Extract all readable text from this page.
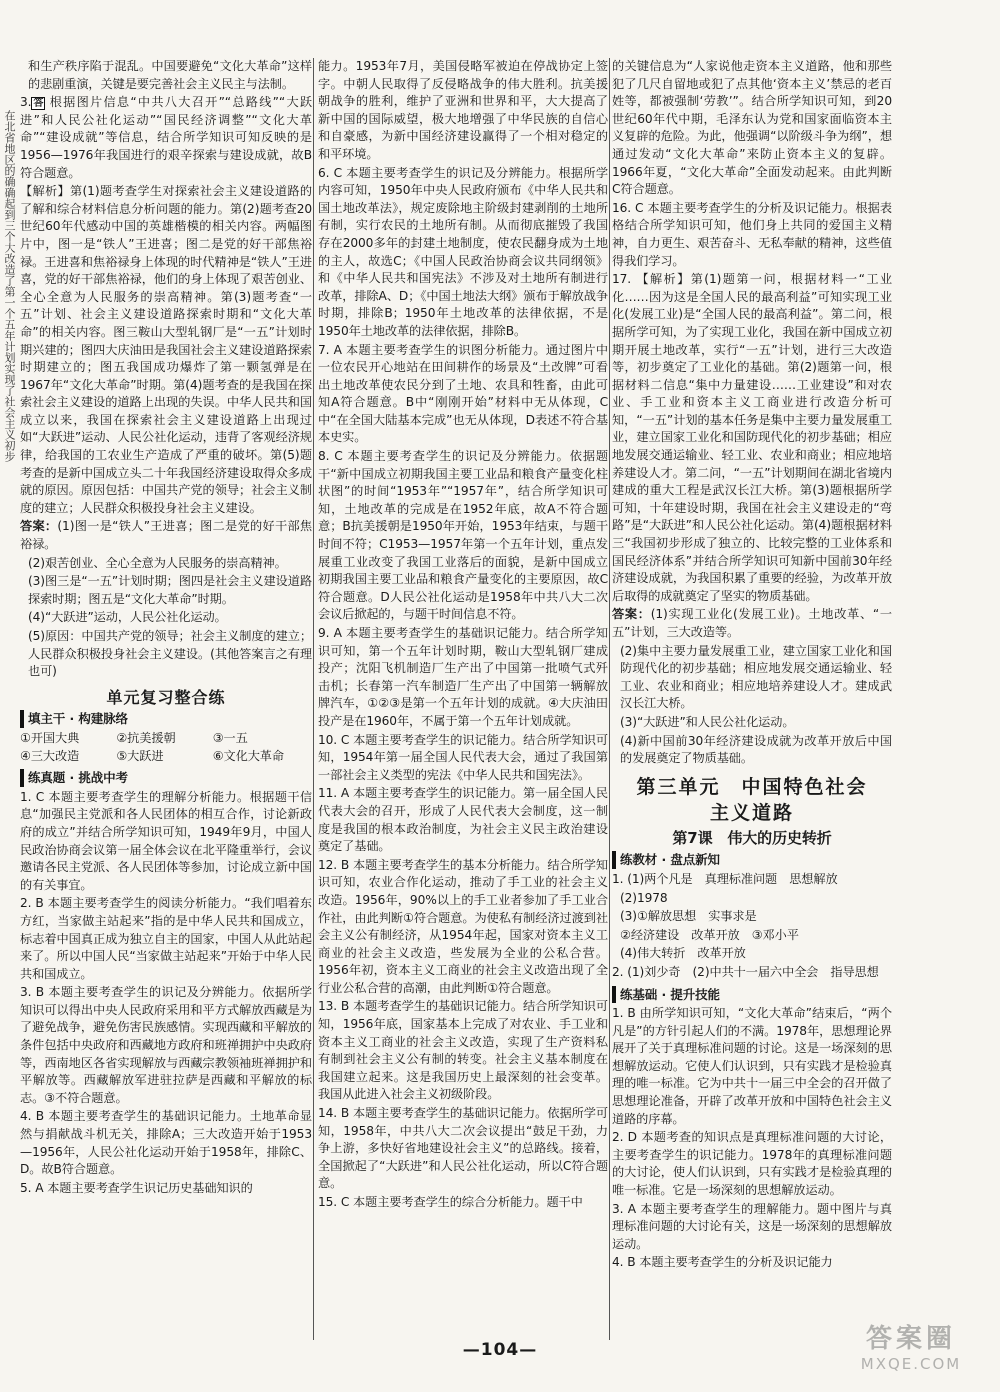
在北省地区的确确起到三个大改造了第一个五年计划实现了社会主义初步

和生产秩序陷于混乱。中国要避免“文化大革命”这样的悲剧重演，关键是要完善社会主义民主与法制。

3. 答 根据图片信息“中共八大召开”“总路线”“大跃进”和人民公社化运动”“国民经济调整”“文化大革命”“建设成就”等信息，结合所学知识可知反映的是1956—1976年我国进行的艰辛探索与建设成就，故B符合题意。

【解析】第(1)题考查学生对探索社会主义建设道路的了解和综合材料信息分析问题的能力。第(2)题考查20世纪60年代感动中国的英雄楷模的相关内容。两幅图片中，图一是“铁人”王进喜；图二是党的好干部焦裕禄。王进喜和焦裕禄身上体现的时代精神是“铁人”王进喜，党的好干部焦裕禄，他们的身上体现了艰苦创业、全心全意为人民服务的崇高精神。第(3)题考查“一五”计划、社会主义建设道路探索时期和“文化大革命”的相关内容。图三鞍山大型轧钢厂是“一五”计划时期兴建的；图四大庆油田是我国社会主义建设道路探索时期建立的；图五我国成功爆炸了第一颗氢弹是在1967年“文化大革命”时期。第(4)题考查的是我国在探索社会主义建设的道路上出现的失误。中华人民共和国成立以来，我国在探索社会主义建设道路上出现过如“大跃进”运动、人民公社化运动，违背了客观经济规律，给我国的工农业生产造成了严重的破坏。第(5)题考查的是新中国成立头二十年我国经济建设取得众多成就的原因。原因包括：中国共产党的领导；社会主义制度的建立；人民群众积极投身社会主义建设。

答案：(1)图一是“铁人”王进喜；图二是党的好干部焦裕禄。

(2)艰苦创业、全心全意为人民服务的崇高精神。

(3)图三是“一五”计划时期；图四是社会主义建设道路探索时期；图五是“文化大革命”时期。

(4)“大跃进”运动，人民公社化运动。

(5)原因：中国共产党的领导；社会主义制度的建立；人民群众积极投身社会主义建设。(其他答案言之有理也可)

单元复习整合练
填主干 · 构建脉络
①开国大典	②抗美援朝	③一五
④三大改造	⑤大跃进	⑥文化大革命
练真题 · 挑战中考

1. C 本题主要考查学生的理解分析能力。根据题干信息“加强民主党派和各人民团体的相互合作，讨论新政府的成立”并结合所学知识可知，1949年9月，中国人民政治协商会议第一届全体会议在北平隆重举行，会议邀请各民主党派、各人民团体等参加，讨论成立新中国的有关事宜。

2. B 本题主要考查学生的阅读分析能力。“我们唱着东方红，当家做主站起来”指的是中华人民共和国成立，标志着中国真正成为独立自主的国家，中国人从此站起来了。所以中国人民“当家做主站起来”开始于中华人民共和国成立。

3. B 本题主要考查学生的识记及分辨能力。依据所学知识可以得出中央人民政府采用和平方式解放西藏是为了避免战争，避免伤害民族感情。实现西藏和平解放的条件包括中央政府和西藏地方政府和班禅拥护中央政府等，西南地区各省实现解放与西藏宗教领袖班禅拥护和平解放等。西藏解放军进驻拉萨是西藏和平解放的标志。③不符合题意。

4. B 本题主要考查学生的基础识记能力。土地革命显然与捐献战斗机无关，排除A；三大改造开始于1953—1956年，人民公社化运动开始于1958年，排除C、D。故B符合题意。

5. A 本题主要考查学生识记历史基础知识的

能力。1953年7月，美国侵略军被迫在停战协定上签字。中朝人民取得了反侵略战争的伟大胜利。抗美援朝战争的胜利，维护了亚洲和世界和平，大大提高了新中国的国际威望，极大地增强了中华民族的自信心和自豪感，为新中国经济建设赢得了一个相对稳定的和平环境。

6. C 本题主要考查学生的识记及分辨能力。根据所学内容可知，1950年中央人民政府颁布《中华人民共和国土地改革法》，规定废除地主阶级封建剥削的土地所有制，实行农民的土地所有制。从而彻底摧毁了我国存在2000多年的封建土地制度，使农民翻身成为土地的主人，故选C；《中国人民政治协商会议共同纲领》和《中华人民共和国宪法》不涉及对土地所有制进行改革，排除A、D；《中国土地法大纲》颁布于解放战争时期，排除B；1950年土地改革的法律依据，不是1950年土地改革的法律依据，排除B。

7. A 本题主要考查学生的识图分析能力。通过图片中一位农民开心地站在田间耕作的场景及“土改牌”可看出土地改革使农民分到了土地、农具和牲畜，由此可知A符合题意。B中“刚刚开始”材料中无从体现，C中“在全国大陆基本完成”也无从体现，D表述不符合基本史实。

8. C 本题主要考查学生的识记及分辨能力。依据题干“新中国成立初期我国主要工业品和粮食产量变化柱状图”的时间“1953年”“1957年”，结合所学知识可知，土地改革的完成是在1952年底，故A不符合题意；B抗美援朝是1950年开始，1953年结束，与题干时间不符；C1953—1957年第一个五年计划，重点发展重工业改变了我国工业落后的面貌，是新中国成立初期我国主要工业品和粮食产量变化的主要原因，故C符合题意。D人民公社化运动是1958年中共八大二次会议后掀起的，与题干时间信息不符。

9. A 本题主要考查学生的基础识记能力。结合所学知识可知，第一个五年计划时期，鞍山大型轧钢厂建成投产；沈阳飞机制造厂生产出了中国第一批喷气式歼击机；长春第一汽车制造厂生产出了中国第一辆解放牌汽车，①②③是第一个五年计划的成就。④大庆油田投产是在1960年，不属于第一个五年计划成就。

10. C 本题主要考查学生的识记能力。结合所学知识可知，1954年第一届全国人民代表大会，通过了我国第一部社会主义类型的宪法《中华人民共和国宪法》。

11. A 本题主要考查学生的识记能力。第一届全国人民代表大会的召开，形成了人民代表大会制度，这一制度是我国的根本政治制度，为社会主义民主政治建设奠定了基础。

12. B 本题主要考查学生的基本分析能力。结合所学知识可知，农业合作化运动，推动了手工业的社会主义改造。1956年，90%以上的手工业者参加了手工业合作社，由此判断①符合题意。为使私有制经济过渡到社会主义公有制经济，从1954年起，国家对资本主义工商业的社会主义改造，些发展为全业的公私合营。1956年初，资本主义工商业的社会主义改造出现了全行业公私合营的高潮，由此判断①符合题意。

13. B 本题考查学生的基础识记能力。结合所学知识可知，1956年底，国家基本上完成了对农业、手工业和资本主义工商业的社会主义改造，实现了生产资料私有制到社会主义公有制的转变。社会主义基本制度在我国建立起来。这是我国历史上最深刻的社会变革。我国从此进入社会主义初级阶段。

14. B 本题主要考查学生的基础识记能力。依据所学可知，1958年，中共八大二次会议提出“鼓足干劲，力争上游，多快好省地建设社会主义”的总路线。接着，全国掀起了“大跃进”和人民公社化运动，所以C符合题意。

15. C 本题主要考查学生的综合分析能力。题干中

的关键信息为“人家说他走资本主义道路，他和那些犯了几尺自留地或犯了点其他‘资本主义’禁忌的老百姓等，都被强制‘劳教’”。结合所学知识可知，到20世纪60年代中期，毛泽东认为党和国家面临资本主义复辟的危险。为此，他强调“以阶级斗争为纲”，想通过发动“文化大革命”来防止资本主义的复辟。1966年夏，“文化大革命”全面发动起来。由此判断C符合题意。

16. C 本题主要考查学生的分析及识记能力。根据表格结合所学知识可知，他们身上共同的爱国主义精神，自力更生、艰苦奋斗、无私奉献的精神，这些值得我们学习。

17. 【解析】第(1)题第一问，根据材料一“工业化……因为这是全国人民的最高利益”可知实现工业化(发展工业)是“全国人民的最高利益”。第二问，根据所学可知，为了实现工业化，我国在新中国成立初期开展土地改革，实行“一五”计划，进行三大改造等，初步奠定了工业化的基础。第(2)题第一问，根据材料二信息“集中力量建设……工业建设”和对农业、手工业和资本主义工商业进行改造分析可知，“一五”计划的基本任务是集中主要力量发展重工业，建立国家工业化和国防现代化的初步基础；相应地发展交通运输业、轻工业、农业和商业；相应地培养建设人才。第二问，“一五”计划期间在湖北省境内建成的重大工程是武汉长江大桥。第(3)题根据所学可知，十年建设时期，我国在社会主义建设走的“弯路”是“大跃进”和人民公社化运动。第(4)题根据材料三“我国初步形成了独立的、比较完整的工业体系和国民经济体系”并结合所学知识可知新中国前30年经济建设成就，为我国积累了重要的经验，为改革开放后取得的成就奠定了坚实的物质基础。

答案：(1)实现工业化(发展工业)。土地改革、“一五”计划，三大改造等。

(2)集中主要力量发展重工业，建立国家工业化和国防现代化的初步基础；相应地发展交通运输业、轻工业、农业和商业；相应地培养建设人才。建成武汉长江大桥。

(3)“大跃进”和人民公社化运动。

(4)新中国前30年经济建设成就为改革开放后中国的发展奠定了物质基础。

第三单元　中国特色社会
主义道路
第7课　伟大的历史转折
练教材 · 盘点新知

1. (1)两个凡是　真理标准问题　思想解放

(2)1978

(3)①解放思想　实事求是

②经济建设　改革开放　③邓小平

(4)伟大转折　改革开放

2. (1)刘少奇　(2)中共十一届六中全会　指导思想

练基础 · 提升技能

1. B 由所学知识可知，“文化大革命”结束后，“两个凡是”的方针引起人们的不满。1978年，思想理论界展开了关于真理标准问题的讨论。这是一场深刻的思想解放运动。它使人们认识到，只有实践才是检验真理的唯一标准。它为中共十一届三中全会的召开做了思想理论准备，开辟了改革开放和中国特色社会主义道路的序幕。

2. D 本题考查的知识点是真理标准问题的大讨论，主要考查学生的识记能力。1978年的真理标准问题的大讨论，使人们认识到，只有实践才是检验真理的唯一标准。它是一场深刻的思想解放运动。

3. A 本题主要考查学生的理解能力。题中图片与真理标准问题的大讨论有关，这是一场深刻的思想解放运动。

4. B 本题主要考查学生的分析及识记能力

—104—	答案圈
MXQE.COM
